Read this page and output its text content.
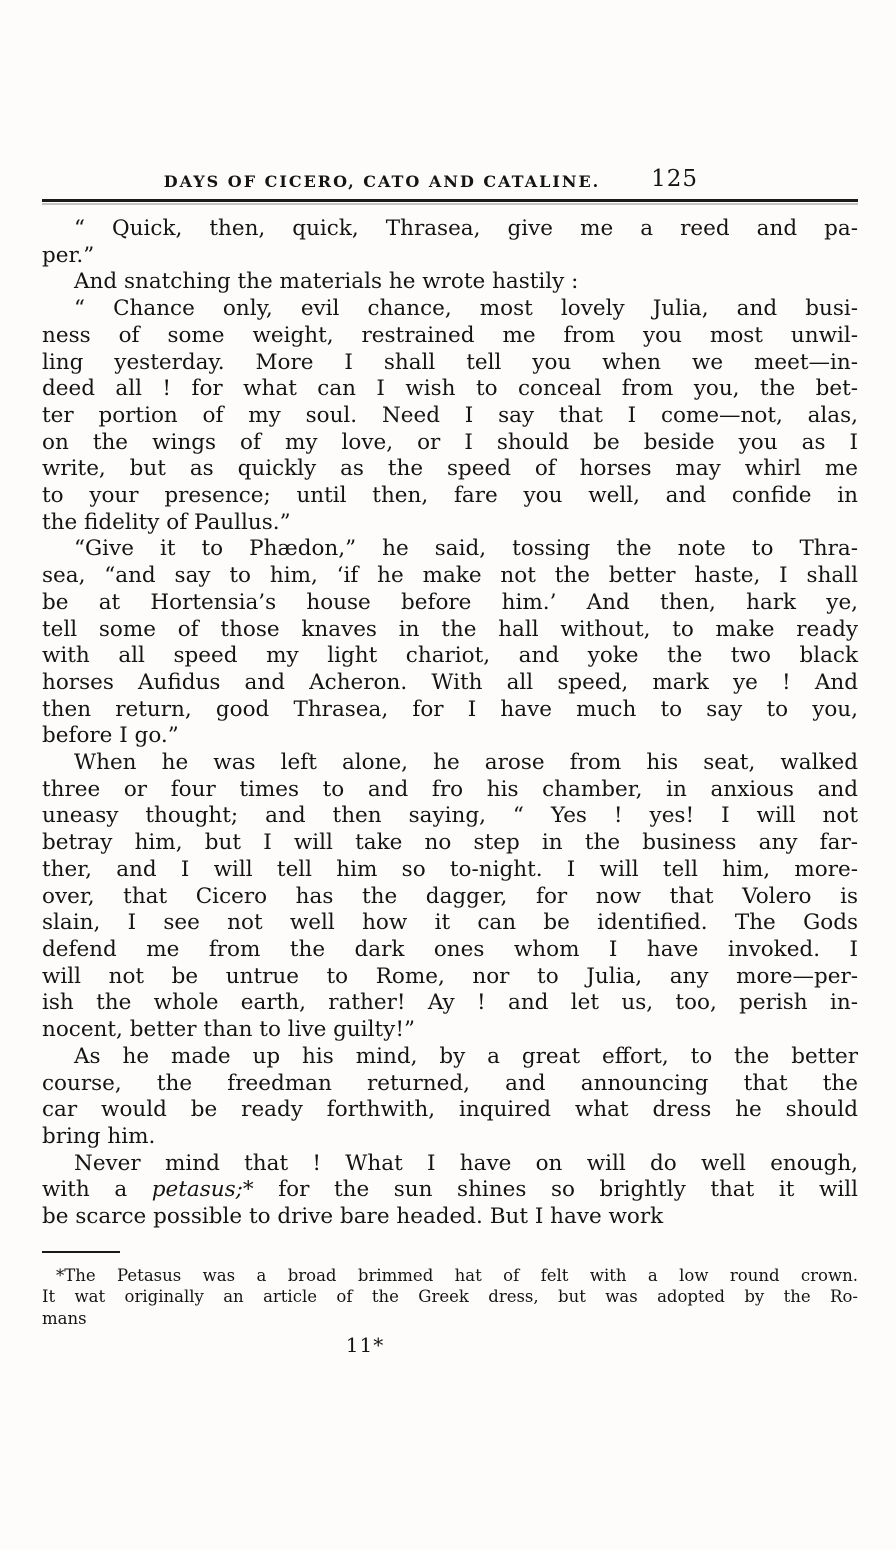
DAYS OF CICERO, CATO AND CATALINE.	125
“ Quick, then, quick, Thrasea, give me a reed and pa-
per.”
And snatching the materials he wrote hastily :
“ Chance only, evil chance, most lovely Julia, and busi-
ness of some weight, restrained me from you most unwil-
ling yesterday. More I shall tell you when we meet—in-
deed all ! for what can I wish to conceal from you, the bet-
ter portion of my soul. Need I say that I come—not, alas,
on the wings of my love, or I should be beside you as I
write, but as quickly as the speed of horses may whirl me
to your presence; until then, fare you well, and confide in
the fidelity of Paullus.”
“Give it to Phædon,” he said, tossing the note to Thra-
sea, “and say to him, ‘if he make not the better haste, I shall
be at Hortensia’s house before him.’ And then, hark ye,
tell some of those knaves in the hall without, to make ready
with all speed my light chariot, and yoke the two black
horses Aufidus and Acheron. With all speed, mark ye ! And
then return, good Thrasea, for I have much to say to you,
before I go.”
When he was left alone, he arose from his seat, walked
three or four times to and fro his chamber, in anxious and
uneasy thought; and then saying, “ Yes ! yes! I will not
betray him, but I will take no step in the business any far-
ther, and I will tell him so to-night. I will tell him, more-
over, that Cicero has the dagger, for now that Volero is
slain, I see not well how it can be identified. The Gods
defend me from the dark ones whom I have invoked. I
will not be untrue to Rome, nor to Julia, any more—per-
ish the whole earth, rather! Ay ! and let us, too, perish in-
nocent, better than to live guilty!”
As he made up his mind, by a great effort, to the better
course, the freedman returned, and announcing that the
car would be ready forthwith, inquired what dress he should
bring him.
Never mind that ! What I have on will do well enough,
with a petasus;* for the sun shines so brightly that it will
be scarce possible to drive bare headed. But I have work
*The Petasus was a broad brimmed hat of felt with a low round crown.
It wat originally an article of the Greek dress, but was adopted by the Ro-
mans
11*
